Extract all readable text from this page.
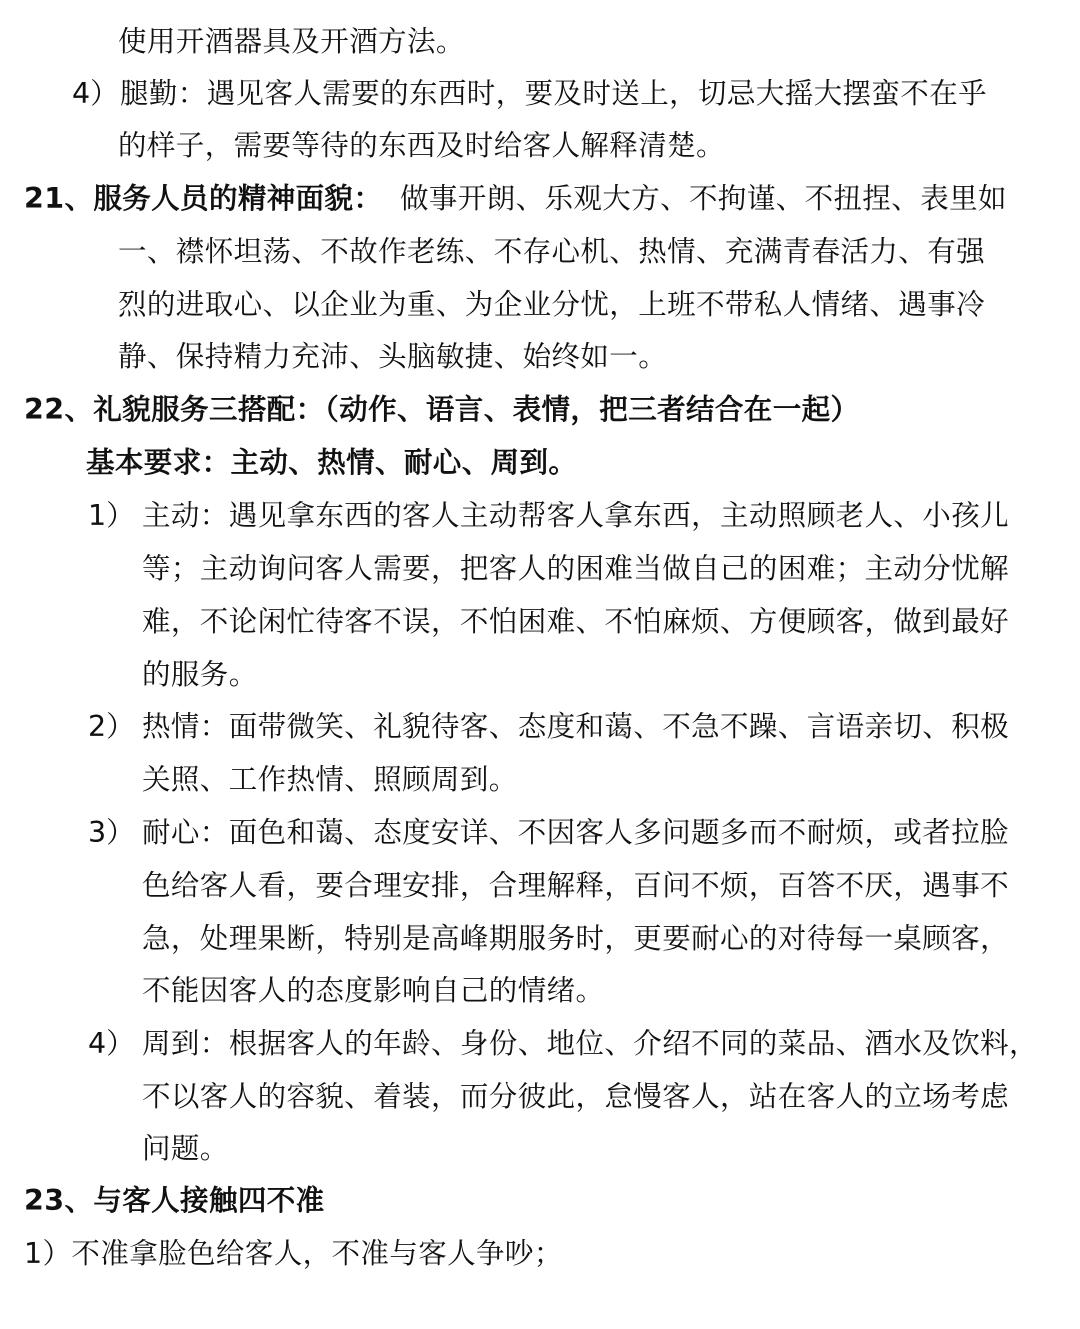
使用开酒器具及开酒方法。
4） 腿勤：遇见客人需要的东西时，要及时送上，切忌大摇大摆蛮不在乎
的样子，需要等待的东西及时给客人解释清楚。
21、服务人员的精神面貌： 做事开朗、乐观大方、不拘谨、不扭捏、表里如
一、襟怀坦荡、不故作老练、不存心机、热情、充满青春活力、有强
烈的进取心、以企业为重、为企业分忧，上班不带私人情绪、遇事冷
静、保持精力充沛、头脑敏捷、始终如一。
22、礼貌服务三搭配：（动作、语言、表情，把三者结合在一起）
基本要求：主动、热情、耐心、周到。
1） 主动：遇见拿东西的客人主动帮客人拿东西，主动照顾老人、小孩儿
等；主动询问客人需要，把客人的困难当做自己的困难；主动分忧解
难，不论闲忙待客不误，不怕困难、不怕麻烦、方便顾客，做到最好
的服务。
2） 热情：面带微笑、礼貌待客、态度和蔼、不急不躁、言语亲切、积极
关照、工作热情、照顾周到。
3） 耐心：面色和蔼、态度安详、不因客人多问题多而不耐烦，或者拉脸
色给客人看，要合理安排，合理解释，百问不烦，百答不厌，遇事不
急，处理果断，特别是高峰期服务时，更要耐心的对待每一桌顾客，
不能因客人的态度影响自己的情绪。
4） 周到：根据客人的年龄、身份、地位、介绍不同的菜品、酒水及饮料，
不以客人的容貌、着装，而分彼此，怠慢客人，站在客人的立场考虑
问题。
23、与客人接触四不准
1）不准拿脸色给客人，不准与客人争吵；
